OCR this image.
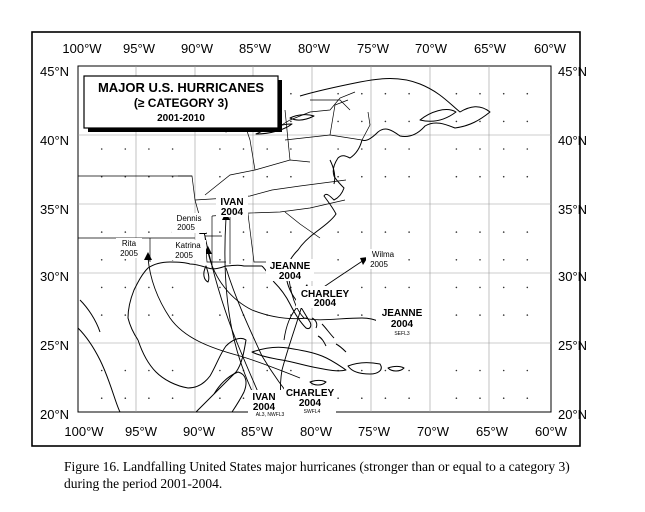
100°W 95°W 90°W 85°W 80°W 75°W 70°W 65°W 60°W
100°W 95°W 90°W 85°W 80°W 75°W 70°W 65°W 60°W
45°N
40°N
35°N
30°N
25°N
20°N
45°N
40°N
35°N
30°N
25°N
20°N
MAJOR U.S. HURRICANES
(≥ CATEGORY 3)
2001-2010
Rita
2005
Dennis
2005
Katrina
2005
IVAN
2004
JEANNE
2004
CHARLEY
2004
Wilma
2005
JEANNE
2004
SEFL3
IVAN
2004
AL3, NWFL3
CHARLEY
2004
SWFL4
Figure 16. Landfalling United States major hurricanes (stronger than or equal to a category 3) during the period 2001-2004.
